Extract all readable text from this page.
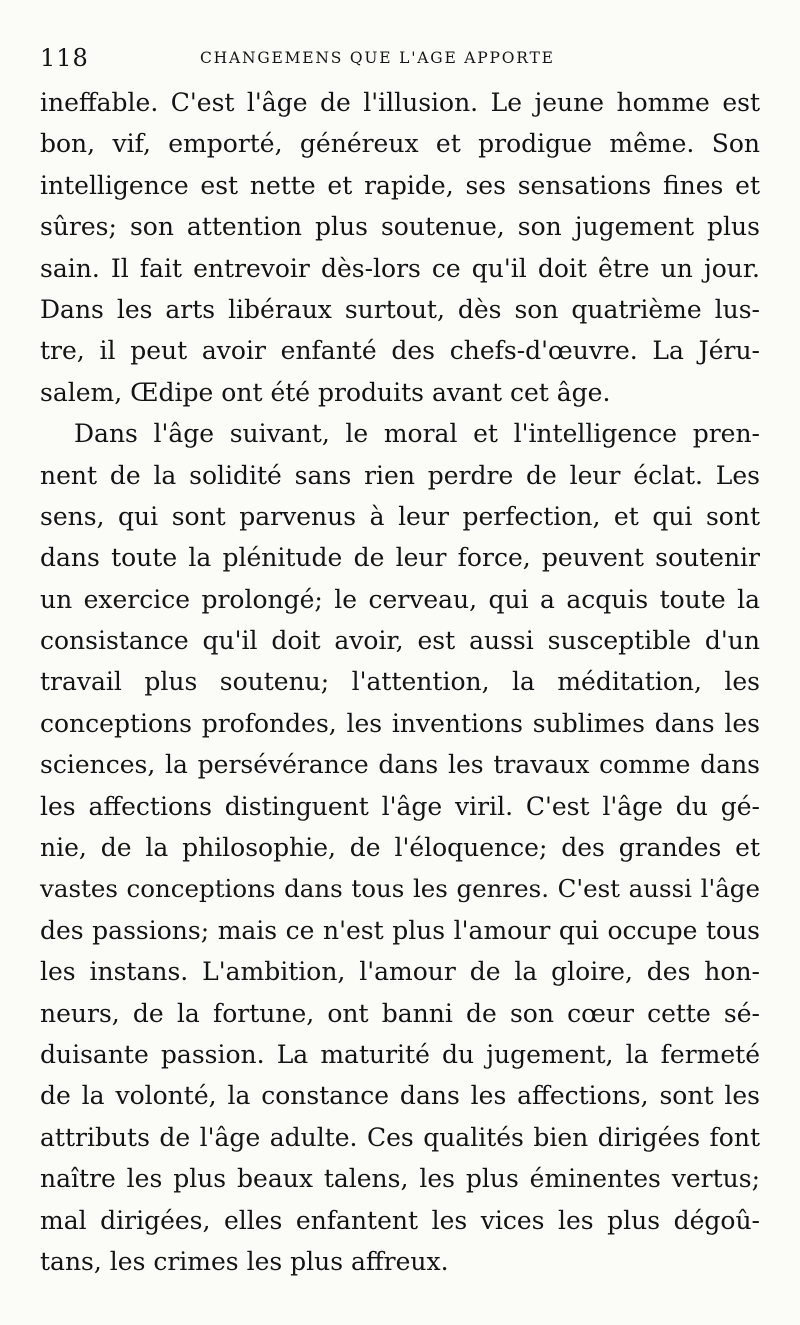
118	CHANGEMENS QUE L'AGE APPORTE
ineffable. C'est l'âge de l'illusion. Le jeune homme est
bon, vif, emporté, généreux et prodigue même. Son
intelligence est nette et rapide, ses sensations fines et
sûres; son attention plus soutenue, son jugement plus
sain. Il fait entrevoir dès-lors ce qu'il doit être un jour.
Dans les arts libéraux surtout, dès son quatrième lus-
tre, il peut avoir enfanté des chefs-d'œuvre. La Jéru-
salem, Œdipe ont été produits avant cet âge.
Dans l'âge suivant, le moral et l'intelligence pren-
nent de la solidité sans rien perdre de leur éclat. Les
sens, qui sont parvenus à leur perfection, et qui sont
dans toute la plénitude de leur force, peuvent soutenir
un exercice prolongé; le cerveau, qui a acquis toute la
consistance qu'il doit avoir, est aussi susceptible d'un
travail plus soutenu; l'attention, la méditation, les
conceptions profondes, les inventions sublimes dans les
sciences, la persévérance dans les travaux comme dans
les affections distinguent l'âge viril. C'est l'âge du gé-
nie, de la philosophie, de l'éloquence; des grandes et
vastes conceptions dans tous les genres. C'est aussi l'âge
des passions; mais ce n'est plus l'amour qui occupe tous
les instans. L'ambition, l'amour de la gloire, des hon-
neurs, de la fortune, ont banni de son cœur cette sé-
duisante passion. La maturité du jugement, la fermeté
de la volonté, la constance dans les affections, sont les
attributs de l'âge adulte. Ces qualités bien dirigées font
naître les plus beaux talens, les plus éminentes vertus;
mal dirigées, elles enfantent les vices les plus dégoû-
tans, les crimes les plus affreux.
